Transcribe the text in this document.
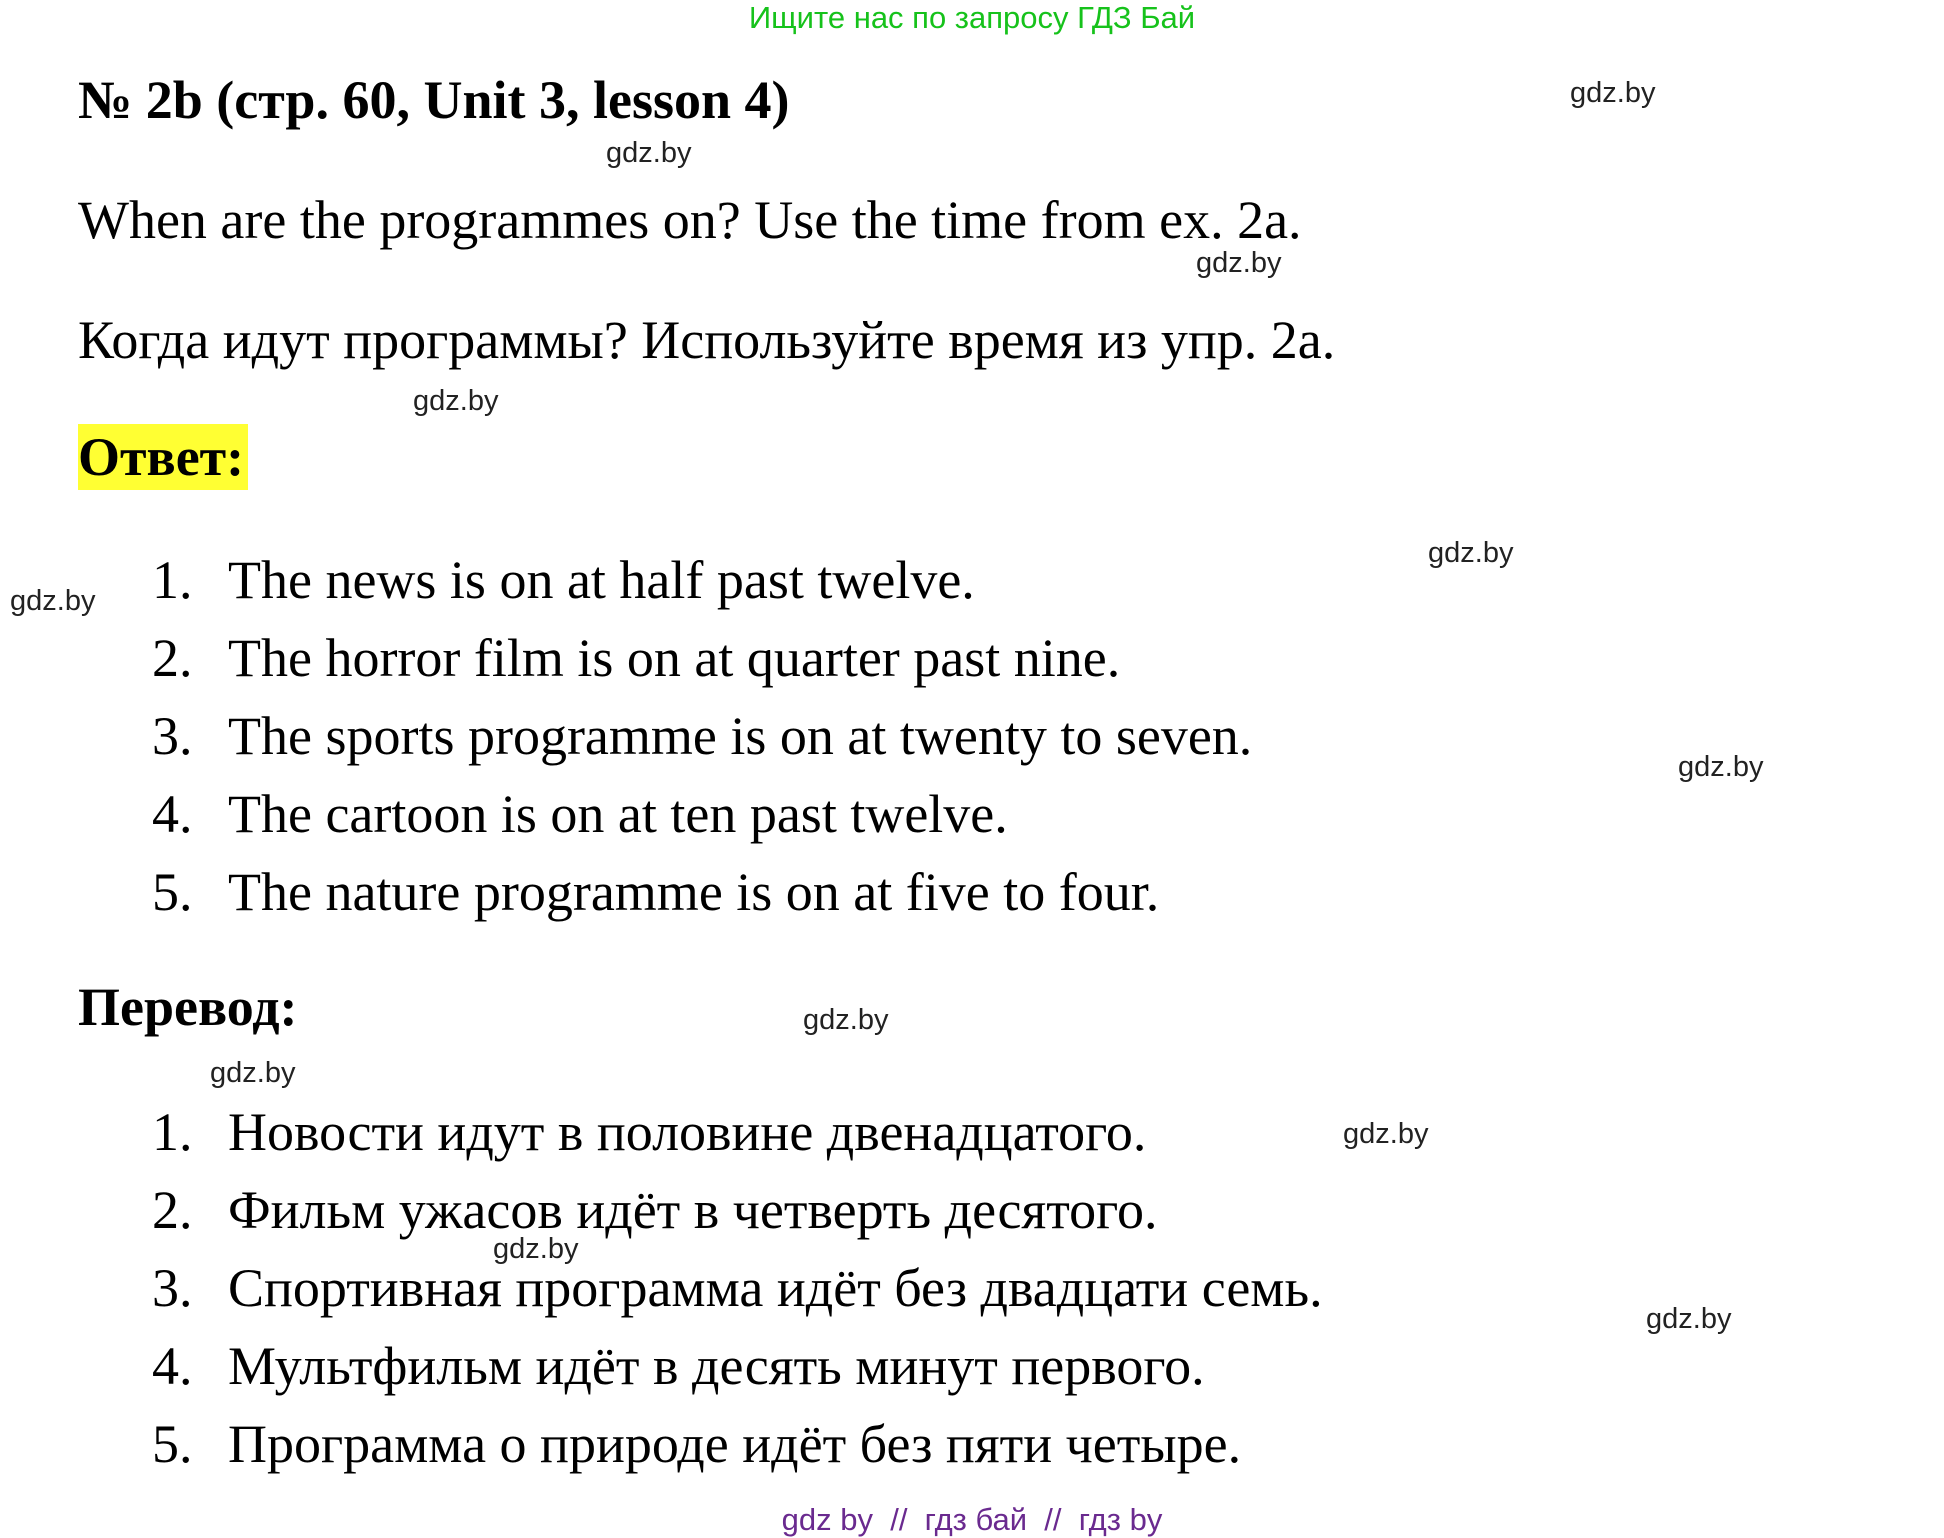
Ищите нас по запросу ГДЗ Бай
№ 2b (стр. 60, Unit 3, lesson 4)
When are the programmes on? Use the time from ex. 2a.
Когда идут программы? Используйте время из упр. 2а.
Ответ:
1. The news is on at half past twelve.
2. The horror film is on at quarter past nine.
3. The sports programme is on at twenty to seven.
4. The cartoon is on at ten past twelve.
5. The nature programme is on at five to four.
Перевод:
1. Новости идут в половине двенадцатого.
2. Фильм ужасов идёт в четверть десятого.
3. Спортивная программа идёт без двадцати семь.
4. Мультфильм идёт в десять минут первого.
5. Программа о природе идёт без пяти четыре.
gdz.by
gdz.by
gdz.by
gdz.by
gdz.by
gdz.by
gdz.by
gdz.by
gdz.by
gdz.by
gdz.by
gdz.by
gdz by  //  гдз бай  //  гдз by
